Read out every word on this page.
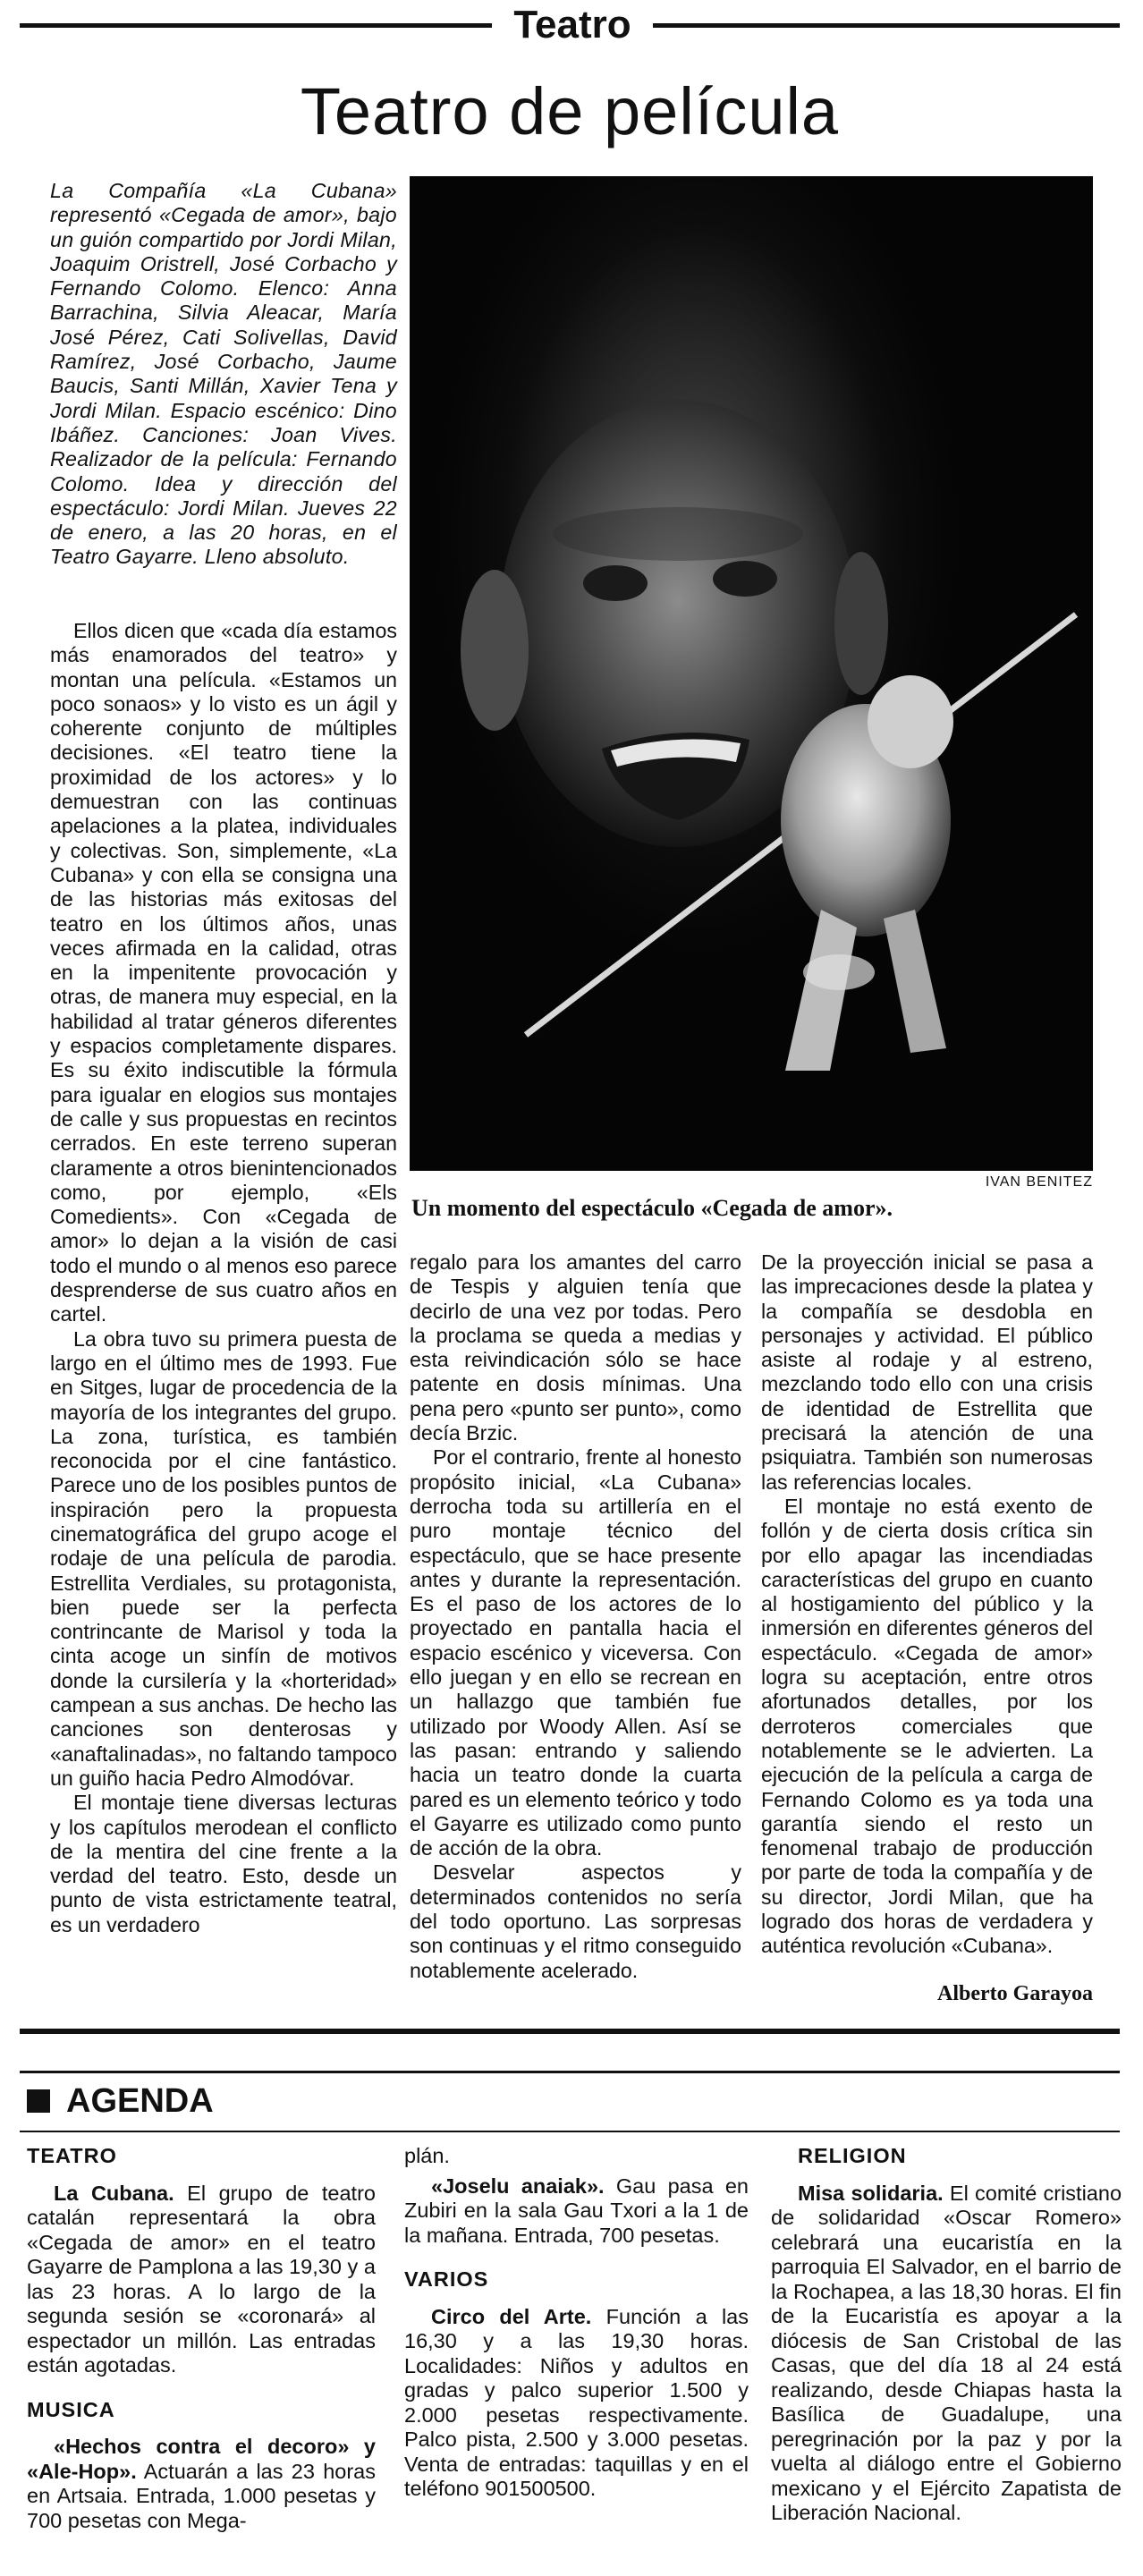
Teatro
Teatro de película
La Compañía «La Cubana» representó «Cegada de amor», bajo un guión compartido por Jordi Milan, Joaquim Oristrell, José Corbacho y Fernando Colomo. Elenco: Anna Barrachina, Silvia Aleacar, María José Pérez, Cati Solivellas, David Ramírez, José Corbacho, Jaume Baucis, Santi Millán, Xavier Tena y Jordi Milan. Espacio escénico: Dino Ibáñez. Canciones: Joan Vives. Realizador de la película: Fernando Colomo. Idea y dirección del espectáculo: Jordi Milan. Jueves 22 de enero, a las 20 horas, en el Teatro Gayarre. Lleno absoluto.

Ellos dicen que «cada día estamos más enamorados del teatro» y montan una película. «Estamos un poco sonaos» y lo visto es un ágil y coherente conjunto de múltiples decisiones. «El teatro tiene la proximidad de los actores» y lo demuestran con las continuas apelaciones a la platea, individuales y colectivas. Son, simplemente, «La Cubana» y con ella se consigna una de las historias más exitosas del teatro en los últimos años, unas veces afirmada en la calidad, otras en la impenitente provocación y otras, de manera muy especial, en la habilidad al tratar géneros diferentes y espacios completamente dispares. Es su éxito indiscutible la fórmula para igualar en elogios sus montajes de calle y sus propuestas en recintos cerrados. En este terreno superan claramente a otros bienintencionados como, por ejemplo, «Els Comedients». Con «Cegada de amor» lo dejan a la visión de casi todo el mundo o al menos eso parece desprenderse de sus cuatro años en cartel.

La obra tuvo su primera puesta de largo en el último mes de 1993. Fue en Sitges, lugar de procedencia de la mayoría de los integrantes del grupo. La zona, turística, es también reconocida por el cine fantástico. Parece uno de los posibles puntos de inspiración pero la propuesta cinematográfica del grupo acoge el rodaje de una película de parodia. Estrellita Verdiales, su protagonista, bien puede ser la perfecta contrincante de Marisol y toda la cinta acoge un sinfín de motivos donde la cursilería y la «horteridad» campean a sus anchas. De hecho las canciones son denterosas y «anaftalinadas», no faltando tampoco un guiño hacia Pedro Almodóvar.

El montaje tiene diversas lecturas y los capítulos merodean el conflicto de la mentira del cine frente a la verdad del teatro. Esto, desde un punto de vista estrictamente teatral, es un verdadero

IVAN BENITEZ
Un momento del espectáculo «Cegada de amor».

regalo para los amantes del carro de Tespis y alguien tenía que decirlo de una vez por todas. Pero la proclama se queda a medias y esta reivindicación sólo se hace patente en dosis mínimas. Una pena pero «punto ser punto», como decía Brzic.

Por el contrario, frente al honesto propósito inicial, «La Cubana» derrocha toda su artillería en el puro montaje técnico del espectáculo, que se hace presente antes y durante la representación. Es el paso de los actores de lo proyectado en pantalla hacia el espacio escénico y viceversa. Con ello juegan y en ello se recrean en un hallazgo que también fue utilizado por Woody Allen. Así se las pasan: entrando y saliendo hacia un teatro donde la cuarta pared es un elemento teórico y todo el Gayarre es utilizado como punto de acción de la obra.

Desvelar aspectos y determinados contenidos no sería del todo oportuno. Las sorpresas son continuas y el ritmo conseguido notablemente acelerado.

De la proyección inicial se pasa a las imprecaciones desde la platea y la compañía se desdobla en personajes y actividad. El público asiste al rodaje y al estreno, mezclando todo ello con una crisis de identidad de Estrellita que precisará la atención de una psiquiatra. También son numerosas las referencias locales.

El montaje no está exento de follón y de cierta dosis crítica sin por ello apagar las incendiadas características del grupo en cuanto al hostigamiento del público y la inmersión en diferentes géneros del espectáculo. «Cegada de amor» logra su aceptación, entre otros afortunados detalles, por los derroteros comerciales que notablemente se le advierten. La ejecución de la película a carga de Fernando Colomo es ya toda una garantía siendo el resto un fenomenal trabajo de producción por parte de toda la compañía y de su director, Jordi Milan, que ha logrado dos horas de verdadera y auténtica revolución «Cubana».

Alberto Garayoa
AGENDA
TEATRO
La Cubana. El grupo de teatro catalán representará la obra «Cegada de amor» en el teatro Gayarre de Pamplona a las 19,30 y a las 23 horas. A lo largo de la segunda sesión se «coronará» al espectador un millón. Las entradas están agotadas.
MUSICA
«Hechos contra el decoro» y «Ale-Hop». Actuarán a las 23 horas en Artsaia. Entrada, 1.000 pesetas y 700 pesetas con Mega-
plán.
«Joselu anaiak». Gau pasa en Zubiri en la sala Gau Txori a la 1 de la mañana. Entrada, 700 pesetas.
VARIOS
Circo del Arte. Función a las 16,30 y a las 19,30 horas. Localidades: Niños y adultos en gradas y palco superior 1.500 y 2.000 pesetas respectivamente. Palco pista, 2.500 y 3.000 pesetas. Venta de entradas: taquillas y en el teléfono 901500500.
RELIGION
Misa solidaria. El comité cristiano de solidaridad «Oscar Romero» celebrará una eucaristía en la parroquia El Salvador, en el barrio de la Rochapea, a las 18,30 horas. El fin de la Eucaristía es apoyar a la diócesis de San Cristobal de las Casas, que del día 18 al 24 está realizando, desde Chiapas hasta la Basílica de Guadalupe, una peregrinación por la paz y por la vuelta al diálogo entre el Gobierno mexicano y el Ejército Zapatista de Liberación Nacional.
